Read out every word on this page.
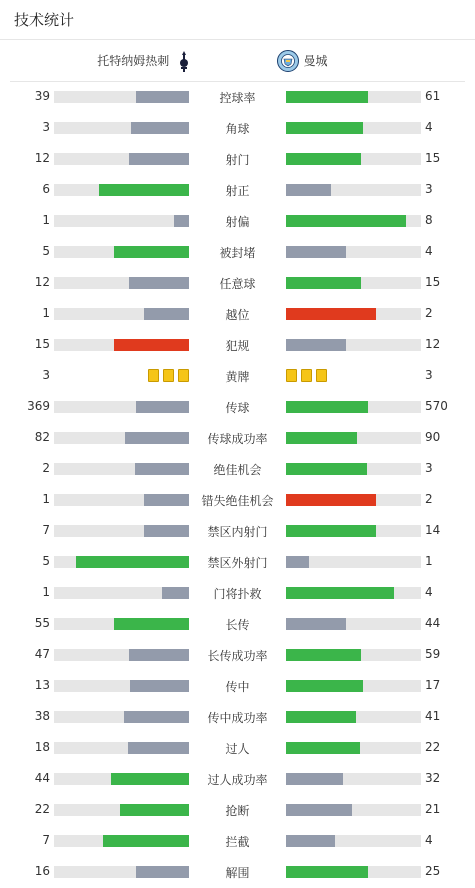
技术统计
托特纳姆热刺	曼城
39	控球率	61
3	角球	4
12	射门	15
6	射正	3
1	射偏	8
5	被封堵	4
12	任意球	15
1	越位	2
15	犯规	12
3	黄牌	3
369	传球	570
82	传球成功率	90
2	绝佳机会	3
1	错失绝佳机会	2
7	禁区内射门	14
5	禁区外射门	1
1	门将扑救	4
55	长传	44
47	长传成功率	59
13	传中	17
38	传中成功率	41
18	过人	22
44	过人成功率	32
22	抢断	21
7	拦截	4
16	解围	25
